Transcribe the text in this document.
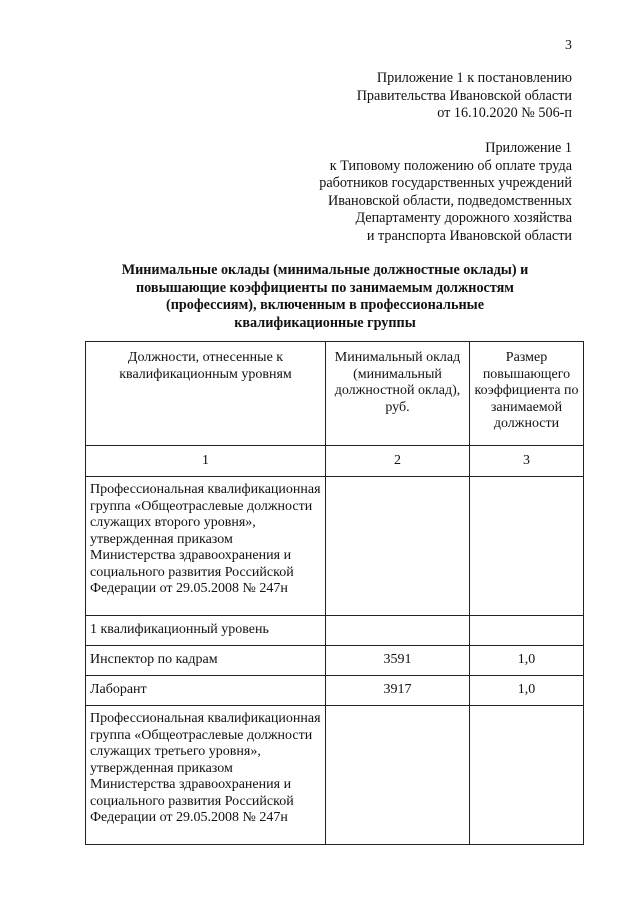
3
Приложение 1 к постановлению
Правительства Ивановской области
от 16.10.2020 № 506-п
Приложение 1
к Типовому положению об оплате труда
работников государственных учреждений
Ивановской области, подведомственных
Департаменту дорожного хозяйства
и транспорта Ивановской области
Минимальные оклады (минимальные должностные оклады) и повышающие коэффициенты по занимаемым должностям (профессиям), включенным в профессиональные квалификационные группы
Должности, отнесенные к квалификационным уровням	Минимальный оклад (минимальный должностной оклад), руб.	Размер повышающего коэффициента по занимаемой должности
1	2	3
Профессиональная квалификационная группа «Общеотраслевые должности служащих второго уровня», утвержденная приказом Министерства здравоохранения и социального развития Российской Федерации от 29.05.2008 № 247н		
1 квалификационный уровень		
Инспектор по кадрам	3591	1,0
Лаборант	3917	1,0
Профессиональная квалификационная группа «Общеотраслевые должности служащих третьего уровня», утвержденная приказом Министерства здравоохранения и социального развития Российской Федерации от 29.05.2008 № 247н		
